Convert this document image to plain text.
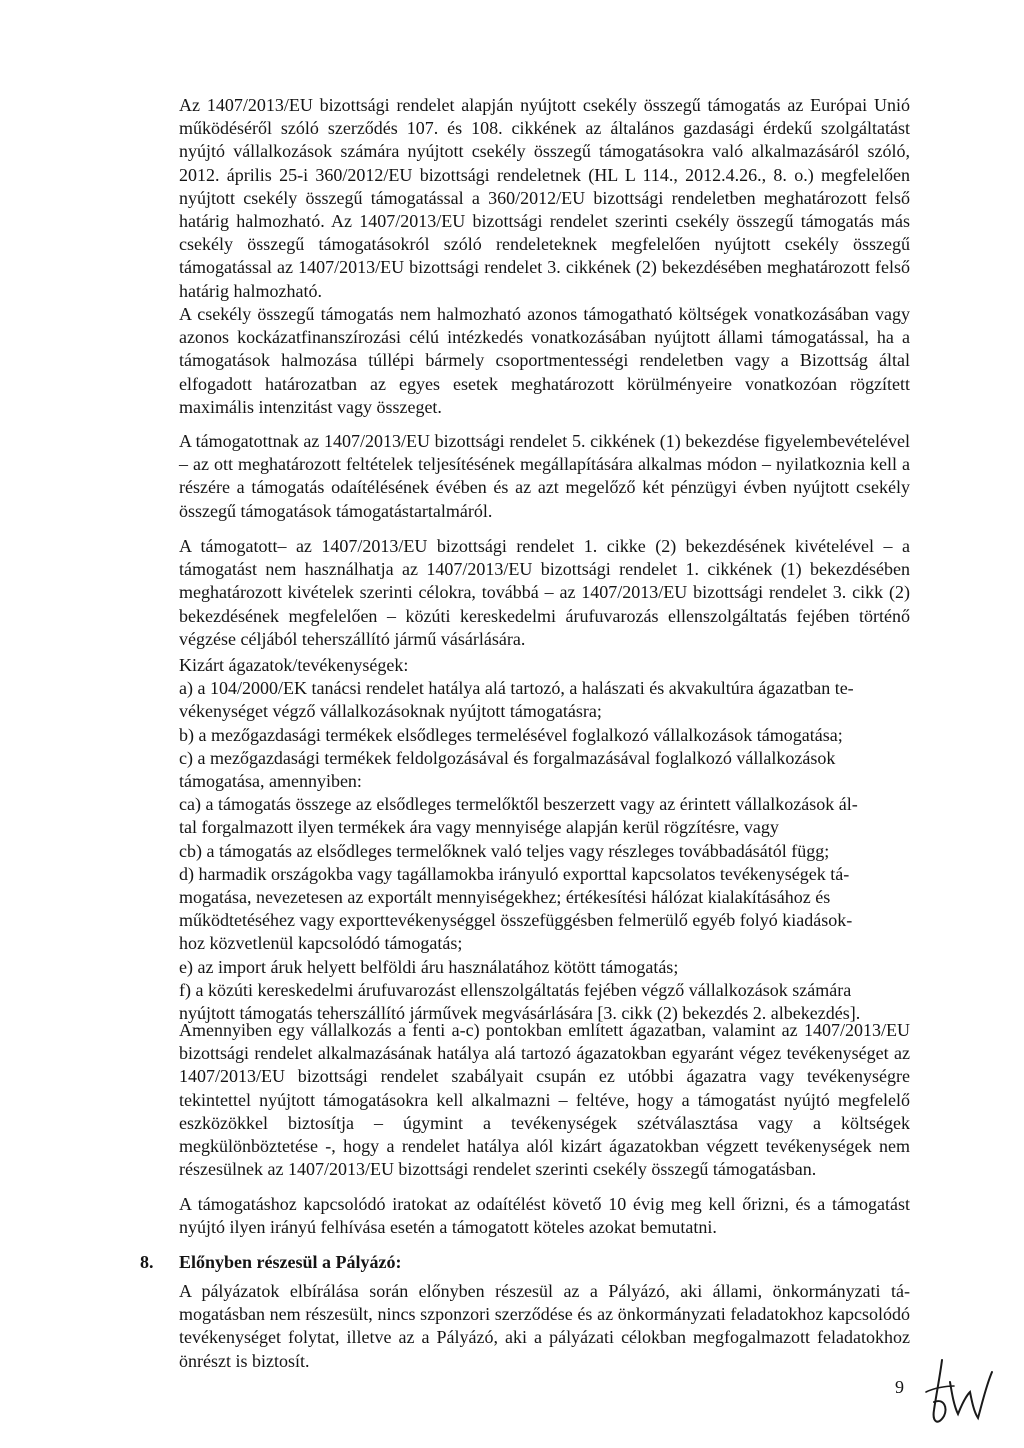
Az 1407/2013/EU bizottsági rendelet alapján nyújtott csekély összegű támogatás az Európai Unió működéséről szóló szerződés 107. és 108. cikkének az általános gazdasági érdekű szolgáltatást nyújtó vállalkozások számára nyújtott csekély összegű támogatásokra való alkalmazásáról szóló, 2012. április 25-i 360/2012/EU bizottsági rendeletnek (HL L 114., 2012.4.26., 8. o.) megfelelően nyújtott csekély összegű támogatással a 360/2012/EU bizottsági rendeletben meghatározott felső határig halmozható. Az 1407/2013/EU bizottsági rendelet szerinti csekély összegű támogatás más csekély összegű támogatásokról szóló rendeleteknek megfelelően nyújtott csekély összegű támogatással az 1407/2013/EU bizottsági rendelet 3. cikkének (2) bekezdésében meghatározott felső határig halmozható.

A csekély összegű támogatás nem halmozható azonos támogatható költségek vonatkozásában vagy azonos kockázatfinanszírozási célú intézkedés vonatkozásában nyújtott állami támogatással, ha a támogatások halmozása túllépi bármely csoportmentességi rendeletben vagy a Bizottság által elfogadott határozatban az egyes esetek meghatározott körülményeire vonatkozóan rögzített maximális intenzitást vagy összeget.

A támogatottnak az 1407/2013/EU bizottsági rendelet 5. cikkének (1) bekezdése figyelembevételével – az ott meghatározott feltételek teljesítésének megállapítására alkalmas módon – nyilatkoznia kell a részére a támogatás odaítélésének évében és az azt megelőző két pénzügyi évben nyújtott csekély összegű támogatások támogatástartalmáról.

A támogatott– az 1407/2013/EU bizottsági rendelet 1. cikke (2) bekezdésének kivételével – a támogatást nem használhatja az 1407/2013/EU bizottsági rendelet 1. cikkének (1) bekezdésében meghatározott kivételek szerinti célokra, továbbá – az 1407/2013/EU bizottsági rendelet 3. cikk (2) bekezdésének megfelelően – közúti kereskedelmi árufuvarozás ellenszolgáltatás fejében történő végzése céljából teherszállító jármű vásárlására.

Kizárt ágazatok/tevékenységek:
a) a 104/2000/EK tanácsi rendelet hatálya alá tartozó, a halászati és akvakultúra ágazatban te-
vékenységet végző vállalkozásoknak nyújtott támogatásra;
b) a mezőgazdasági termékek elsődleges termelésével foglalkozó vállalkozások támogatása;
c) a mezőgazdasági termékek feldolgozásával és forgalmazásával foglalkozó vállalkozások
támogatása, amennyiben:
ca) a támogatás összege az elsődleges termelőktől beszerzett vagy az érintett vállalkozások ál-
tal forgalmazott ilyen termékek ára vagy mennyisége alapján kerül rögzítésre, vagy
cb) a támogatás az elsődleges termelőknek való teljes vagy részleges továbbadásától függ;
d) harmadik országokba vagy tagállamokba irányuló exporttal kapcsolatos tevékenységek tá-
mogatása, nevezetesen az exportált mennyiségekhez; értékesítési hálózat kialakításához és
működtetéséhez vagy exporttevékenységgel összefüggésben felmerülő egyéb folyó kiadások-
hoz közvetlenül kapcsolódó támogatás;
e) az import áruk helyett belföldi áru használatához kötött támogatás;
f) a közúti kereskedelmi árufuvarozást ellenszolgáltatás fejében végző vállalkozások számára
nyújtott támogatás teherszállító járművek megvásárlására [3. cikk (2) bekezdés 2. albekezdés].

Amennyiben egy vállalkozás a fenti a-c) pontokban említett ágazatban, valamint az 1407/2013/EU bizottsági rendelet alkalmazásának hatálya alá tartozó ágazatokban egyaránt végez tevékenységet az 1407/2013/EU bizottsági rendelet szabályait csupán ez utóbbi ágazatra vagy tevékenységre tekintettel nyújtott támogatásokra kell alkalmazni – feltéve, hogy a támogatást nyújtó megfelelő eszközökkel biztosítja – úgymint a tevékenységek szétválasztása vagy a költségek megkülönböztetése -, hogy a rendelet hatálya alól kizárt ágazatokban végzett tevékenységek nem részesülnek az 1407/2013/EU bizottsági rendelet szerinti csekély összegű támogatásban.

A támogatáshoz kapcsolódó iratokat az odaítélést követő 10 évig meg kell őrizni, és a támogatást nyújtó ilyen irányú felhívása esetén a támogatott köteles azokat bemutatni.

8. Előnyben részesül a Pályázó:

A pályázatok elbírálása során előnyben részesül az a Pályázó, aki állami, önkormányzati támogatásban nem részesült, nincs szponzori szerződése és az önkormányzati feladatokhoz kapcsolódó tevékenységet folytat, illetve az a Pályázó, aki a pályázati célokban megfogalmazott feladatokhoz önrészt is biztosít.

9
